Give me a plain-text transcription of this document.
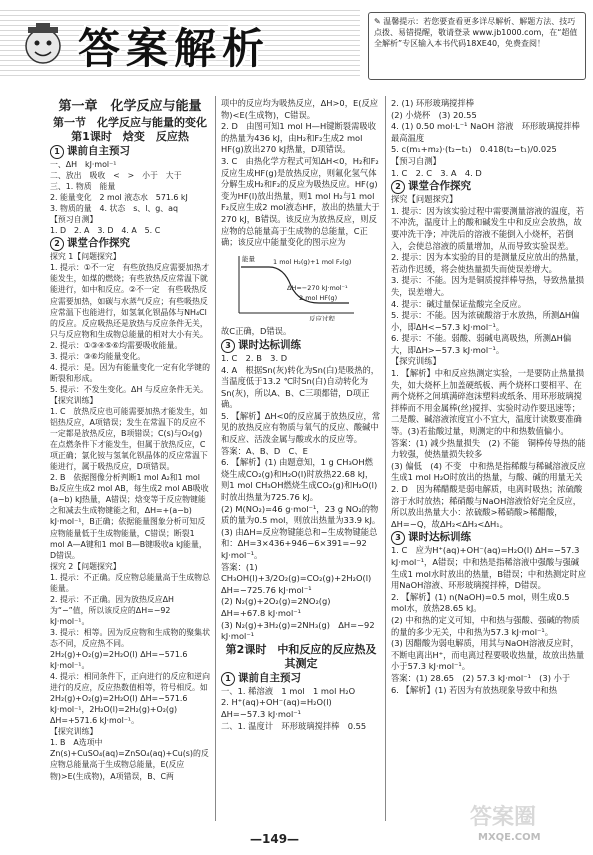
答案解析
✎ 温馨提示：若您要查看更多详尽解析、解题方法、技巧点拨、易错提醒，敬请登录 www.jb1000.com，在“超值全解析”专区输入本书代码18XE40，免费查阅！
第一章　化学反应与能量
第一节　化学反应与能量的变化
第1课时　焓变　反应热
1 课前自主预习
一、ΔH　kJ·mol⁻¹
二、放出　吸收　<　>　小于　大于
三、1. 物质　能量
2. 能量变化　2 mol 液态水　571.6 kJ
3. 物质的量　4. 状态　s、l、g、aq
【预习自测】
1. D　2. A　3. D　4. A　5. C
2 课堂合作探究
探究 1【问题探究】
1. 提示：①不一定　有些放热反应需要加热才能发生，如煤的燃烧；有些放热反应常温下就能进行，如中和反应。②不一定　有些吸热反应需要加热，如碳与水蒸气反应；有些吸热反应常温下也能进行，如氢氧化钡晶体与NH₄Cl的反应。反应吸热还是放热与反应条件无关，只与反应物和生成物总能量的相对大小有关。
2. 提示：①③④⑤⑥均需要吸收能量。
3. 提示：③⑥均能量变化。
4. 提示：是。因为有能量变化一定有化学键的断裂和形成。
5. 提示：不发生变化。ΔH 与反应条件无关。
【探究训练】
1. C　放热反应也可能需要加热才能发生，如铝热反应，A项错误；发生在常温下的反应不一定都是放热反应，B项错误；C(s)与O₂(g)在点燃条件下才能发生，但属于放热反应，C项正确；氯化铵与氢氧化钡晶体的反应常温下能进行，属于吸热反应，D项错误。
2. B　依据图像分析判断1 mol A₂和1 mol B₂反应生成2 mol AB，每生成2 mol AB吸收(a−b) kJ热量，A错误；焓变等于反应物键能之和减去生成物键能之和，ΔH=+(a−b) kJ·mol⁻¹，B正确；依据能量图象分析可知反应物能量低于生成物能量，C错误；断裂1 mol A—A键和1 mol B—B键吸收a kJ能量，D错误。
探究 2【问题探究】
1. 提示：不正确。反应物总能量高于生成物总能量。
2. 提示：不正确。因为放热反应ΔH为“−”值，所以该反应的ΔH=−92 kJ·mol⁻¹。
3. 提示：相等。因为反应物和生成物的聚集状态不同，反应热不同。2H₂(g)+O₂(g)=2H₂O(l) ΔH=−571.6 kJ·mol⁻¹。
4. 提示：相同条件下，正向进行的反应和逆向进行的反应，反应热数值相等，符号相反。如2H₂(g)+O₂(g)=2H₂O(l) ΔH=−571.6 kJ·mol⁻¹，2H₂O(l)=2H₂(g)+O₂(g) ΔH=+571.6 kJ·mol⁻¹。
【探究训练】
1. B　A选项中Zn(s)+CuSO₄(aq)=ZnSO₄(aq)+Cu(s)的反应物总能量高于生成物总能量，E(反应物)>E(生成物)，A项错误，B、C两
项中的反应均为吸热反应，ΔH>0，E(反应物)<E(生成物)，C错误。
2. D　由图可知1 mol H—H键断裂需吸收的热量为436 kJ，由H₂和F₂生成2 mol HF(g)放出270 kJ热量，D项错误。
3. C　由热化学方程式可知ΔH<0，H₂和F₂反应生成HF(g)是放热反应，则氟化氢气体分解生成H₂和F₂的反应为吸热反应。HF(g)变为HF(l)放出热量，则1 mol H₂与1 mol F₂反应生成2 mol液态HF，放出的热量大于270 kJ，B错误。该反应为放热反应，则反应物的总能量高于生成物的总能量，C正确；该反应中能量变化的图示应为
能量	1 mol H₂(g)+1 mol F₂(g)
ΔH=−270 kJ·mol⁻¹
2 mol HF(g)
反应过程
故C正确，D错误。
3 课时达标训练
1. C　2. B　3. D
4. A　根据Sn(灰)转化为Sn(白)是吸热的，当温度低于13.2 ℃时Sn(白)自动转化为Sn(灰)，所以A、B、C三项都错，D项正确。
5. 【解析】ΔH<0的反应属于放热反应，常见的放热反应有物质与氧气的反应、酸碱中和反应、活泼金属与酸或水的反应等。
答案：A、B、D　C、E
6. 【解析】(1) 由题意知，1 g CH₃OH燃烧生成CO₂(g)和H₂O(l)时放热22.68 kJ，则1 mol CH₃OH燃烧生成CO₂(g)和H₂O(l)时放出热量为725.76 kJ。
(2) M(NO₂)=46 g·mol⁻¹，23 g NO₂的物质的量为0.5 mol，则放出热量为33.9 kJ。
(3) 由ΔH=反应物键能总和−生成物键能总和：ΔH=3×436+946−6×391=−92 kJ·mol⁻¹。
答案：(1) CH₃OH(l)+3/2O₂(g)=CO₂(g)+2H₂O(l)　ΔH=−725.76 kJ·mol⁻¹
(2) N₂(g)+2O₂(g)=2NO₂(g)　ΔH=+67.8 kJ·mol⁻¹
(3) N₂(g)+3H₂(g)=2NH₃(g)　ΔH=−92 kJ·mol⁻¹
第2课时　中和反应的反应热及其测定
1 课前自主预习
一、1. 稀溶液　1 mol　1 mol H₂O
2. H⁺(aq)+OH⁻(aq)=H₂O(l)　ΔH=−57.3 kJ·mol⁻¹
二、1. 温度计　环形玻璃搅拌棒　0.55
2. (1) 环形玻璃搅拌棒
(2) 小烧杯　(3) 20.55
4. (1) 0.50 mol·L⁻¹ NaOH 溶液　环形玻璃搅拌棒　最高温度
5. c(m₁+m₂)·(t₂−t₁)　0.418(t₂−t₁)/0.025
【预习自测】
1. C　2. C　3. A　4. D
2 课堂合作探究
探究【问题探究】
1. 提示：因为该实验过程中需要测量溶液的温度，若不冲洗，温度计上的酸和碱发生中和反应会放热，故要冲洗干净；冲洗后的溶液不能倒入小烧杯，若倒入，会使总溶液的质量增加，从而导致实验误差。
2. 提示：因为本实验的目的是测量反应放出的热量，若动作迟缓，将会使热量损失而使误差增大。
3. 提示：不能。因为是铜质搅拌棒导热，导致热量损失，误差增大。
4. 提示：碱过量保证盐酸完全反应。
5. 提示：不能。因为浓硫酸溶于水放热，所测ΔH偏小，即ΔH<−57.3 kJ·mol⁻¹。
6. 提示：不能。弱酸、弱碱电离吸热，所测ΔH偏大，即ΔH>−57.3 kJ·mol⁻¹。
【探究训练】
1. 【解析】中和反应热测定实验，一是要防止热量损失，如大烧杯上加盖硬纸板、两个烧杯口要相平、在两个烧杯之间填满碎泡沫塑料或纸条、用环形玻璃搅拌棒而不用金属棒(丝)搅拌、实验时动作要迅速等；二是酸、碱溶液浓度宜小不宜大，温度计读数要准确等。(3)若盐酸过量，则测定的中和热数值偏小。
答案：(1) 减少热量损失　(2) 不能　铜棒传导热的能力较强，使热量损失较多
(3) 偏低　(4) 不变　中和热是指稀酸与稀碱溶液反应生成1 mol H₂O时放出的热量，与酸、碱的用量无关
2. D　因为稀醋酸是弱电解质，电离时吸热；浓硫酸溶于水时放热；稀硝酸与NaOH溶液恰好完全反应，所以放出热量大小：浓硫酸>稀硝酸>稀醋酸，ΔH=−Q，故ΔH₂<ΔH₃<ΔH₁。
3 课时达标训练
1. C　应为H⁺(aq)+OH⁻(aq)=H₂O(l) ΔH=−57.3 kJ·mol⁻¹，A错误；中和热是指稀溶液中强酸与强碱生成1 mol水时放出的热量，B错误；中和热测定时应用NaOH溶液、环形玻璃搅拌棒，D错误。
2. 【解析】(1) n(NaOH)=0.5 mol，则生成0.5 mol水，放热28.65 kJ。
(2) 中和热的定义可知，中和热与强酸、强碱的物质的量的多少无关，中和热为57.3 kJ·mol⁻¹。
(3) 因醋酸为弱电解质，用其与NaOH溶液反应时，不断电离出H⁺，而电离过程要吸收热量，故放出热量小于57.3 kJ·mol⁻¹。
答案：(1) 28.65　(2) 57.3 kJ·mol⁻¹　(3) 小于
6. 【解析】(1) 若因为有放热现象导致中和热
—149—
答案圈
MXQE.COM
